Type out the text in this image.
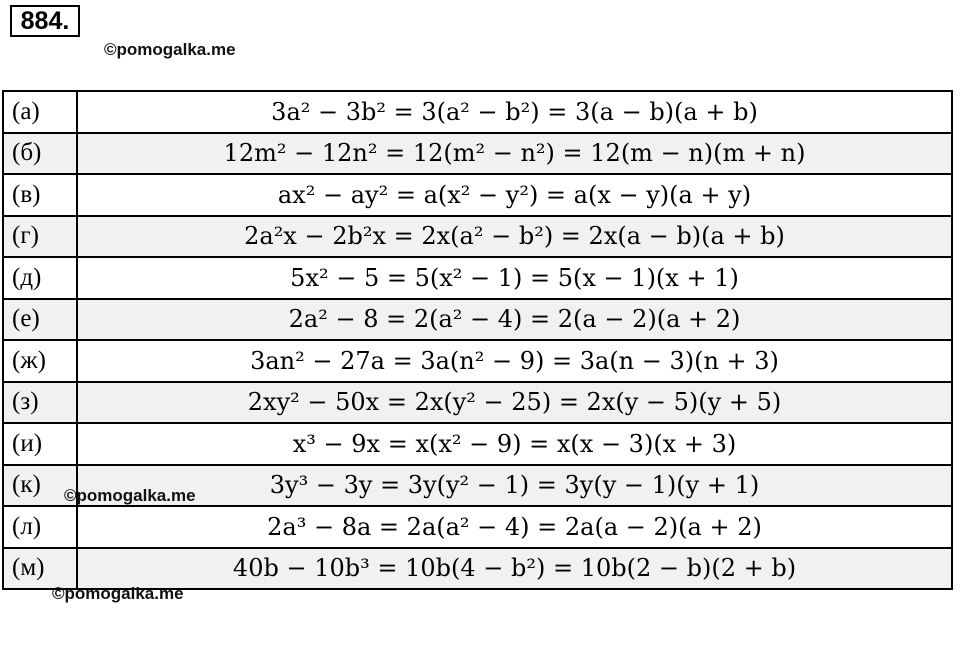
884.
©pomogalka.me
(а)	3a² − 3b² = 3(a² − b²) = 3(a − b)(a + b)
(б)	12m² − 12n² = 12(m² − n²) = 12(m − n)(m + n)
(в)	ax² − ay² = a(x² − y²) = a(x − y)(a + y)
(г)	2a²x − 2b²x = 2x(a² − b²) = 2x(a − b)(a + b)
(д)	5x² − 5 = 5(x² − 1) = 5(x − 1)(x + 1)
(е)	2a² − 8 = 2(a² − 4) = 2(a − 2)(a + 2)
(ж)	3an² − 27a = 3a(n² − 9) = 3a(n − 3)(n + 3)
(з)	2xy² − 50x = 2x(y² − 25) = 2x(y − 5)(y + 5)
(и)	x³ − 9x = x(x² − 9) = x(x − 3)(x + 3)
(к)	3y³ − 3y = 3y(y² − 1) = 3y(y − 1)(y + 1)
(л)	2a³ − 8a = 2a(a² − 4) = 2a(a − 2)(a + 2)
(м)	40b − 10b³ = 10b(4 − b²) = 10b(2 − b)(2 + b)
©pomogalka.me
©pomogalka.me
